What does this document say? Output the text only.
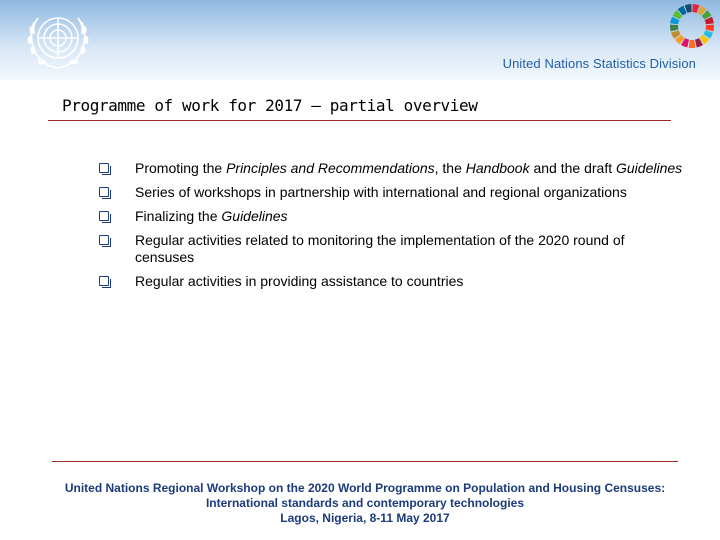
United Nations Statistics Division
Programme of work for 2017 – partial overview
Promoting the Principles and Recommendations, the Handbook and the draft Guidelines
Series of workshops in partnership with international and regional organizations
Finalizing the Guidelines
Regular activities related to monitoring the implementation of the 2020 round of censuses
Regular activities in providing assistance to countries
United Nations Regional Workshop on the 2020 World Programme on Population and Housing Censuses:
International standards and contemporary technologies
Lagos, Nigeria, 8-11 May 2017
